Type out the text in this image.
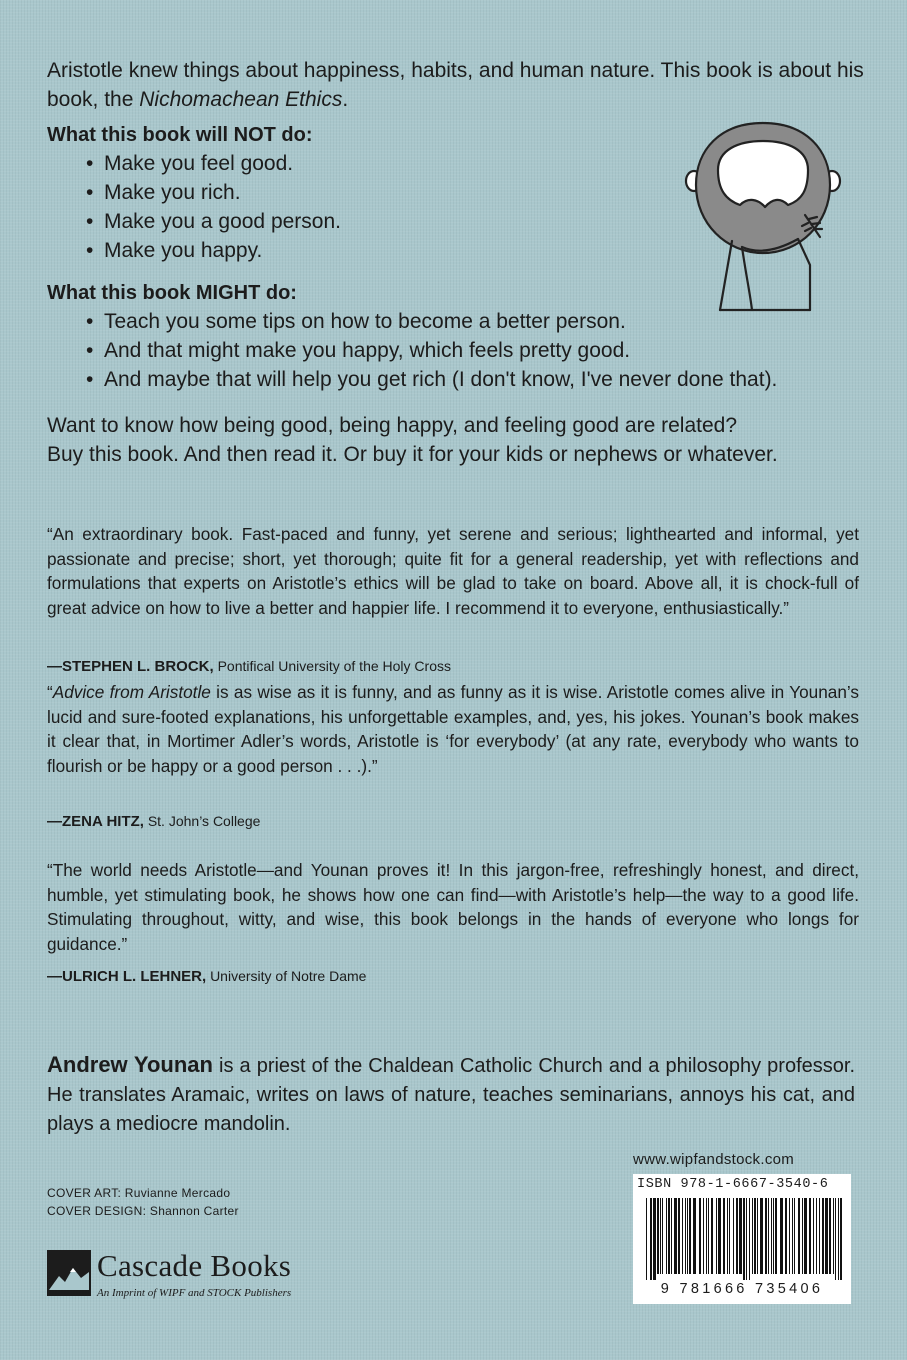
Aristotle knew things about happiness, habits, and human nature. This book is about his book, the Nichomachean Ethics.

What this book will NOT do:
• Make you feel good.
• Make you rich.
• Make you a good person.
• Make you happy.
What this book MIGHT do:
• Teach you some tips on how to become a better person.
• And that might make you happy, which feels pretty good.
• And maybe that will help you get rich (I don't know, I've never done that).

Want to know how being good, being happy, and feeling good are related?
Buy this book. And then read it. Or buy it for your kids or nephews or whatever.

“An extraordinary book. Fast-paced and funny, yet serene and serious; lighthearted and informal, yet passionate and precise; short, yet thorough; quite fit for a general readership, yet with reflections and formulations that experts on Aristotle’s ethics will be glad to take on board. Above all, it is chock-full of great advice on how to live a better and happier life. I recommend it to everyone, enthusiastically.”

—STEPHEN L. BROCK, Pontifical University of the Holy Cross

“Advice from Aristotle is as wise as it is funny, and as funny as it is wise. Aristotle comes alive in Younan’s lucid and sure-footed explanations, his unforgettable examples, and, yes, his jokes. Younan’s book makes it clear that, in Mortimer Adler’s words, Aristotle is ‘for everybody’ (at any rate, everybody who wants to flourish or be happy or a good person . . .).”

—ZENA HITZ, St. John’s College

“The world needs Aristotle—and Younan proves it! In this jargon-free, refreshingly honest, and direct, humble, yet stimulating book, he shows how one can find—with Aristotle’s help—the way to a good life. Stimulating throughout, witty, and wise, this book belongs in the hands of everyone who longs for guidance.”

—ULRICH L. LEHNER, University of Notre Dame

Andrew Younan is a priest of the Chaldean Catholic Church and a philosophy professor. He translates Aramaic, writes on laws of nature, teaches seminarians, annoys his cat, and plays a mediocre mandolin.

COVER ART: Ruvianne Mercado
COVER DESIGN: Shannon Carter
Cascade Books
An Imprint of WIPF and STOCK Publishers
www.wipfandstock.com
ISBN 978-1-6667-3540-6
9 781666 735406
